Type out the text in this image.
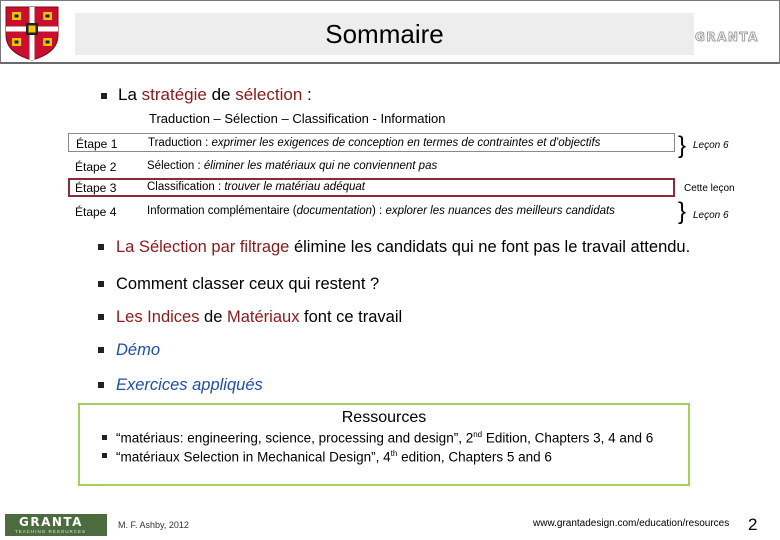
Sommaire	GRANTA
La stratégie de sélection :
Traduction – Sélection – Classification - Information
Étape 1	Traduction : exprimer les exigences de conception en termes de contraintes et d'objectifs
Étape 2	Sélection : éliminer les matériaux qui ne conviennent pas
Étape 3	Classification : trouver le matériau adéquat
Étape 4	Information complémentaire (documentation) : explorer les nuances des meilleurs candidats
} Leçon 6
Cette leçon
} Leçon 6
La Sélection par filtrage élimine les candidats qui ne font pas le travail attendu.
Comment classer ceux qui restent ?
Les Indices de Matériaux font ce travail
Démo
Exercices appliqués
Ressources
“matériaus: engineering, science, processing and design”, 2nd Edition, Chapters 3, 4 and 6
“matériaux Selection in Mechanical Design”, 4th edition, Chapters 5 and 6
GRANTA
TEACHING RESOURCES
M. F. Ashby, 2012	www.grantadesign.com/education/resources 2
